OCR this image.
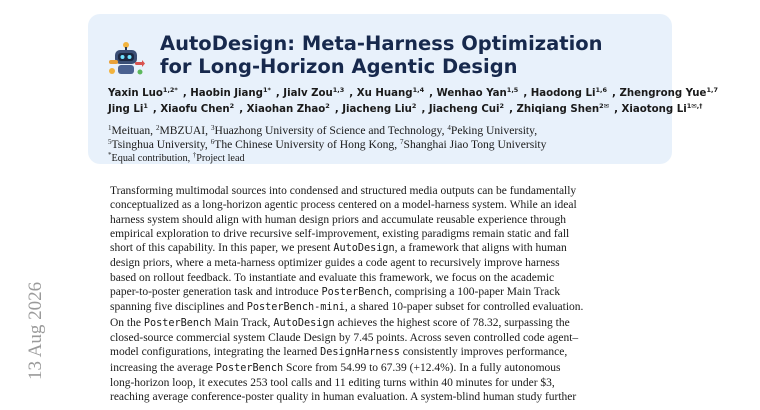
13 Aug 2026
AutoDesign: Meta-Harness Optimization
for Long-Horizon Agentic Design
Yaxin Luo$^{1,2*}$ , Haobin Jiang$^{1*}$ , Jialv Zou$^{1,3}$ , Xu Huang$^{1,4}$ , Wenhao Yan$^{1,5}$ , Haodong Li$^{1,6}$ , Zhengrong Yue$^{1,7}$
Jing Li$^1$ , Xiaofu Chen$^2$ , Xiaohan Zhao$^2$ , Jiacheng Liu$^2$ , Jiacheng Cui$^2$ , Zhiqiang Shen$^{2✉}$ , Xiaotong $Li^{1✉,\dagger}$
$^1$Meituan, $^2$MBZUAI, $^3$Huazhong University of Science and Technology, $^4$Peking University,
$^5$Tsinghua University, $^6$The Chinese University of Hong Kong, $^7$Shanghai Jiao Tong University
*Equal contribution, †Project lead
Transforming multimodal sources into condensed and structured media outputs can be fundamentally
conceptualized as a long-horizon agentic process centered on a model-harness system. While an ideal
harness system should align with human design priors and accumulate reusable experience through
empirical exploration to drive recursive self-improvement, existing paradigms remain static and fall
short of this capability. In this paper, we present AutoDesign, a framework that aligns with human
design priors, where a meta-harness optimizer guides a code agent to recursively improve harness
based on rollout feedback. To instantiate and evaluate this framework, we focus on the academic
paper-to-poster generation task and introduce PosterBench, comprising a 100-paper Main Track
spanning five disciplines and PosterBench-mini, a shared 10-paper subset for controlled evaluation.
On the PosterBench Main Track, AutoDesign achieves the highest score of 78.32, surpassing the
closed-source commercial system Claude Design by 7.45 points. Across seven controlled code agent–
model configurations, integrating the learned DesignHarness consistently improves performance,
increasing the average PosterBench Score from 54.99 to 67.39 (+12.4%). In a fully autonomous
long-horizon loop, it executes 253 tool calls and 11 editing turns within 40 minutes for under $3,
reaching average conference-poster quality in human evaluation. A system-blind human study further
